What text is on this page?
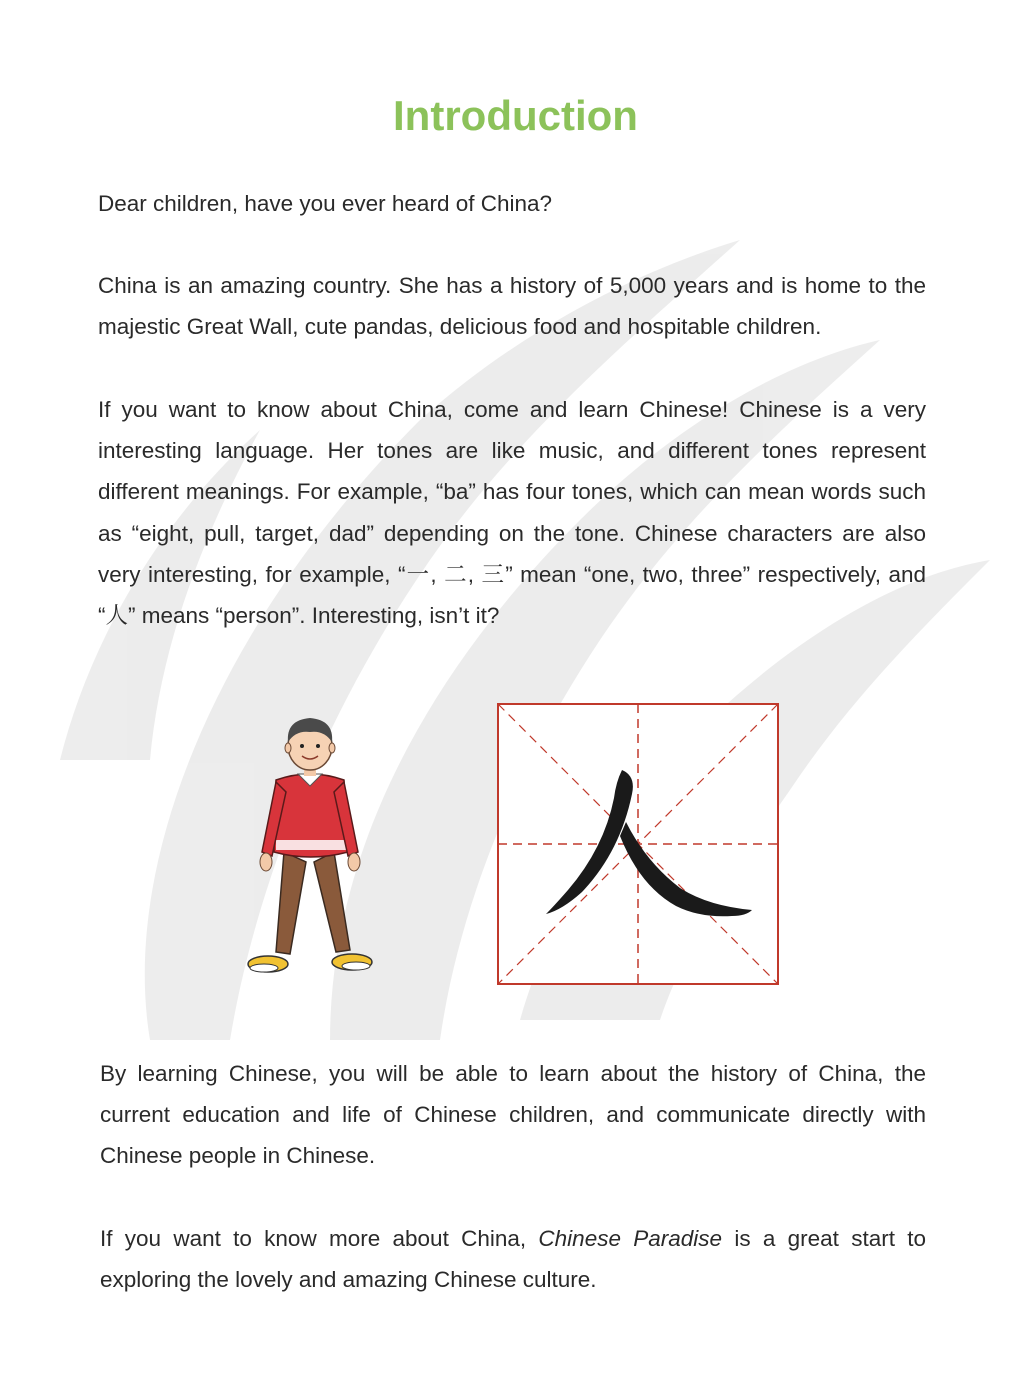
Introduction

Dear children, have you ever heard of China?

China is an amazing country. She has a history of 5,000 years and is home to the majestic Great Wall, cute pandas, delicious food and hospitable children.

If you want to know about China, come and learn Chinese! Chinese is a very interesting language. Her tones are like music, and different tones represent different meanings. For example, “ba” has four tones, which can mean words such as “eight, pull, target, dad” depending on the tone. Chinese characters are also very interesting, for example, “一, 二, 三” mean “one, two, three” respectively, and “人” means “person”. Interesting, isn’t it?

By learning Chinese, you will be able to learn about the history of China, the current education and life of Chinese children, and communicate directly with Chinese people in Chinese.

If you want to know more about China, Chinese Paradise is a great start to exploring the lovely and amazing Chinese culture.
